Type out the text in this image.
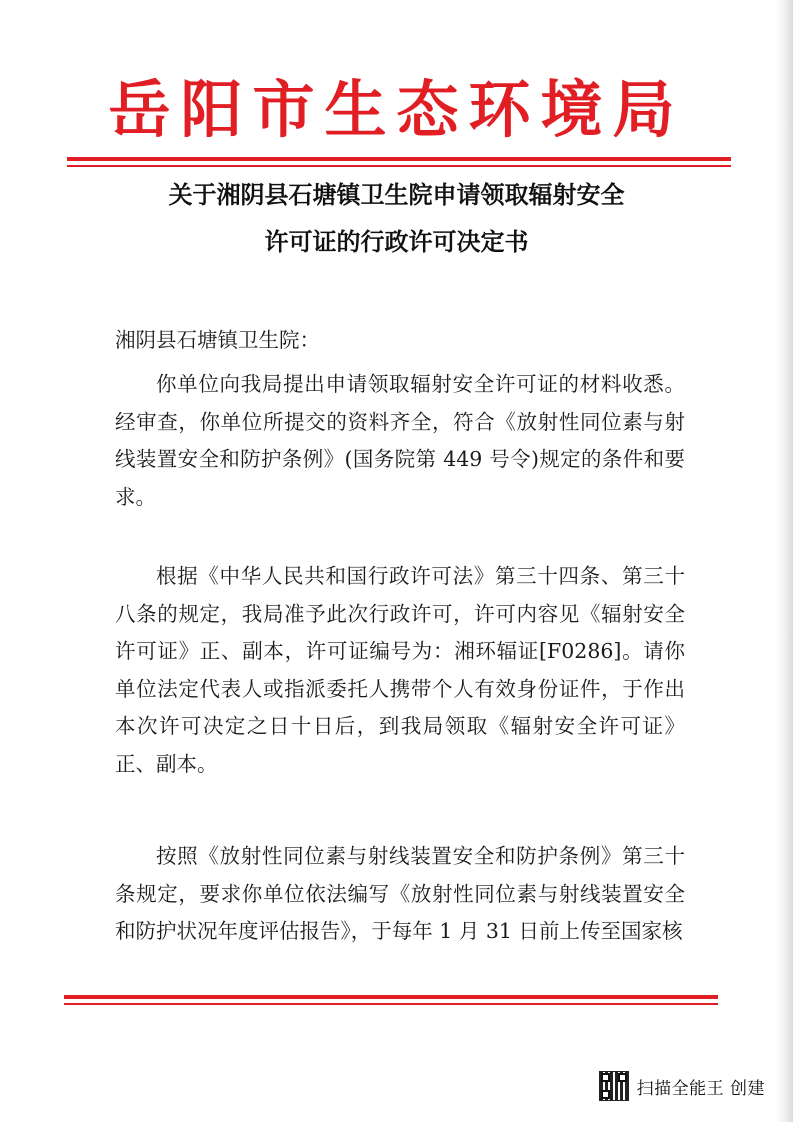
岳阳市生态环境局
关于湘阴县石塘镇卫生院申请领取辐射安全
许可证的行政许可决定书
湘阴县石塘镇卫生院：
你单位向我局提出申请领取辐射安全许可证的材料收悉。经审查，你单位所提交的资料齐全，符合《放射性同位素与射线装置安全和防护条例》(国务院第 449 号令)规定的条件和要求。
根据《中华人民共和国行政许可法》第三十四条、第三十八条的规定，我局准予此次行政许可，许可内容见《辐射安全许可证》正、副本，许可证编号为：湘环辐证[F0286]。请你单位法定代表人或指派委托人携带个人有效身份证件，于作出本次许可决定之日十日后，到我局领取《辐射安全许可证》正、副本。
按照《放射性同位素与射线装置安全和防护条例》第三十条规定，要求你单位依法编写《放射性同位素与射线装置安全和防护状况年度评估报告》，于每年 1 月 31 日前上传至国家核
扫描全能王 创建
